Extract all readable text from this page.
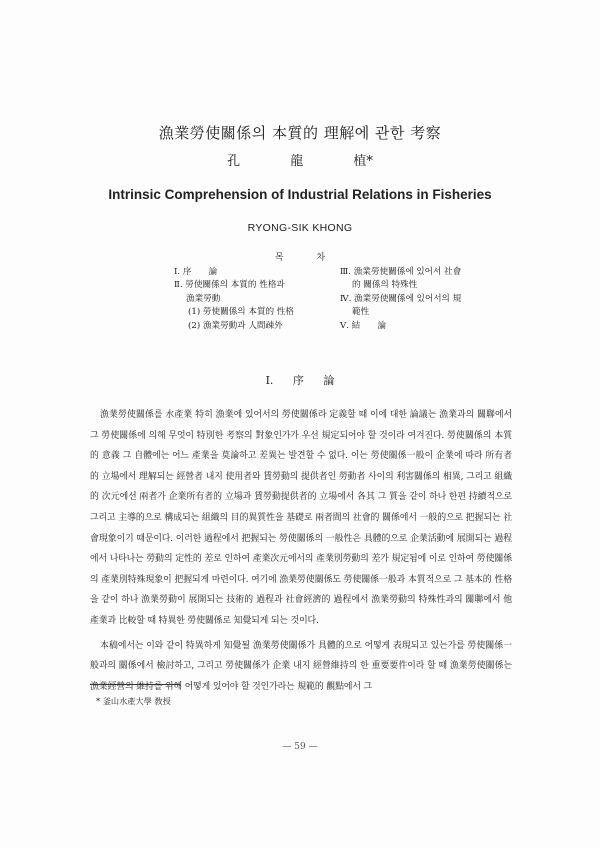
漁業勞使關係의 本質的 理解에 관한 考察
孔 龍 植*
Intrinsic Comprehension of Industrial Relations in Fisheries
RYONG-SIK KHONG
목 차
Ⅰ. 序　　論
Ⅱ. 勞使關係의 本質的 性格과
漁業勞動
(1) 勞使關係의 本質的 性格
(2) 漁業勞動과 人間疎外
Ⅲ. 漁業勞使關係에 있어서 社會
的 關係의 特殊性
Ⅳ. 漁業勞使關係에 있어서의 規
範性
Ⅴ. 結　　論
Ⅰ. 序 論

漁業勞使關係를 水產業 特히 漁業에 있어서의 勞使關係라 定義할 때 이에 대한 論議는 漁業과의 關聯에서 그 勞使關係에 의해 무엇이 特別한 考察의 對象인가가 우선 規定되어야 할 것이라 여겨진다. 勞使關係의 本質的 意義 그 自體에는 어느 產業을 莫論하고 差異는 발견할 수 없다. 이는 勞使關係一般이 企業에 따라 所有者的 立場에서 理解되는 經營者 내지 使用者와 賃勞動의 提供者인 勞動者 사이의 利害關係의 相異, 그리고 組織的 次元에선 兩者가 企業所有者的 立場과 賃勞動提供者的 立場에서 各其 그 質을 같이 하나 한편 持續적으로 그리고 主導的으로 構成되는 組織의 目的異質性을 基礎로 兩者間의 社會的 關係에서 一般的으로 把握되는 社會現象이기 때문이다. 이러한 過程에서 把握되는 勞使關係의 一般性은 具體的으로 企業活動에 展開되는 過程에서 나타나는 勞動의 定性的 差로 인하여 產業次元에서의 產業別勞動의 差가 規定됨에 이로 인하여 勞使關係의 產業別特殊現象이 把握되게 마련이다. 여기에 漁業勞使關係도 勞使關係一般과 本質적으로 그 基本的 性格을 같이 하나 漁業勞動이 展開되는 技術的 過程과 社會經濟的 過程에서 漁業勞動의 特殊性과의 關聯에서 他產業과 比較할 때 特異한 勞使關係로 知覺되게 되는 것이다.

本稿에서는 이와 같이 特異하게 知覺될 漁業勞使關係가 具體的으로 어떻게 表現되고 있는가를 勞使關係一般과의 關係에서 檢討하고, 그리고 勞使關係가 企業 내지 經營維持의 한 重要要件이라 할 때 漁業勞使關係는 漁業經營의 維持를 위해 어떻게 있어야 할 것인가라는 規範的 觀點에서 그

* 釜山水產大學 敎授
— 59 —
